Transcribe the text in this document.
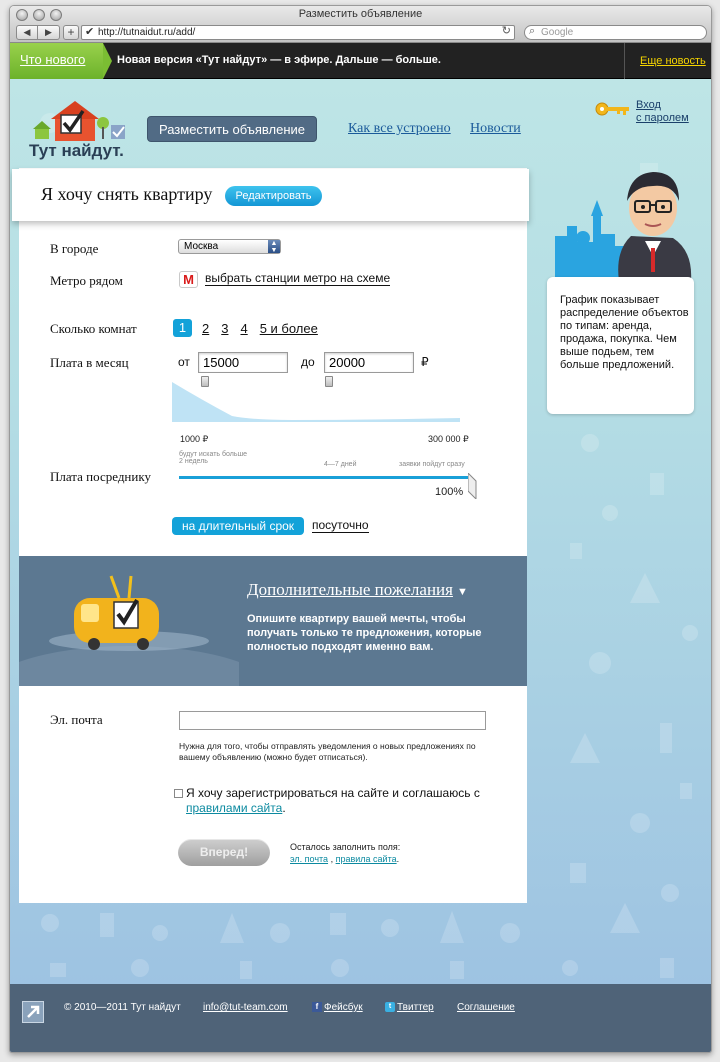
Разместить объявление
◀	▶	+ ✔ http://tutnaidut.ru/add/	↻ ⌕ Google
Что нового	Новая версия «Тут найдут» — в эфире. Дальше — больше.	Еще новость
Тут найдут.
Разместить объявление	Как все устроено Новости
Вход
с паролем

График показывает распределение объектов по типам: аренда, продажа, покупка. Чем выше подьем, тем больше предложений.

В городе	Москва	▲
▼
Метро рядом	М выбрать станции метро на схеме
Сколько комнат	1	2 3 4 5 и более
Плата в месяц	от	15000	до	20000	₽
1000 ₽	300 000 ₽
будут искать больше
2 недель	4—7 дней	заявки пойдут сразу
Плата посреднику
100%
на длительный срок	посуточно
Я хочу снять квартиру	Редактировать
Дополнительные пожелания ▼
Опишите квартиру вашей мечты, чтобы получать только те предложения, которые полностью подходят именно вам.
Эл. почта
Нужна для того, чтобы отправлять уведомления о новых предложениях по вашему объявлению (можно будет отписаться).
Я хочу зарегистрироваться на сайте и соглашаюсь с правилами сайта.
Вперед!	Осталось заполнить поля: эл. почта , правила сайта.
© 2010—2011 Тут найдут info@tut-team.com	f Фейсбук	t Твиттер Соглашение
